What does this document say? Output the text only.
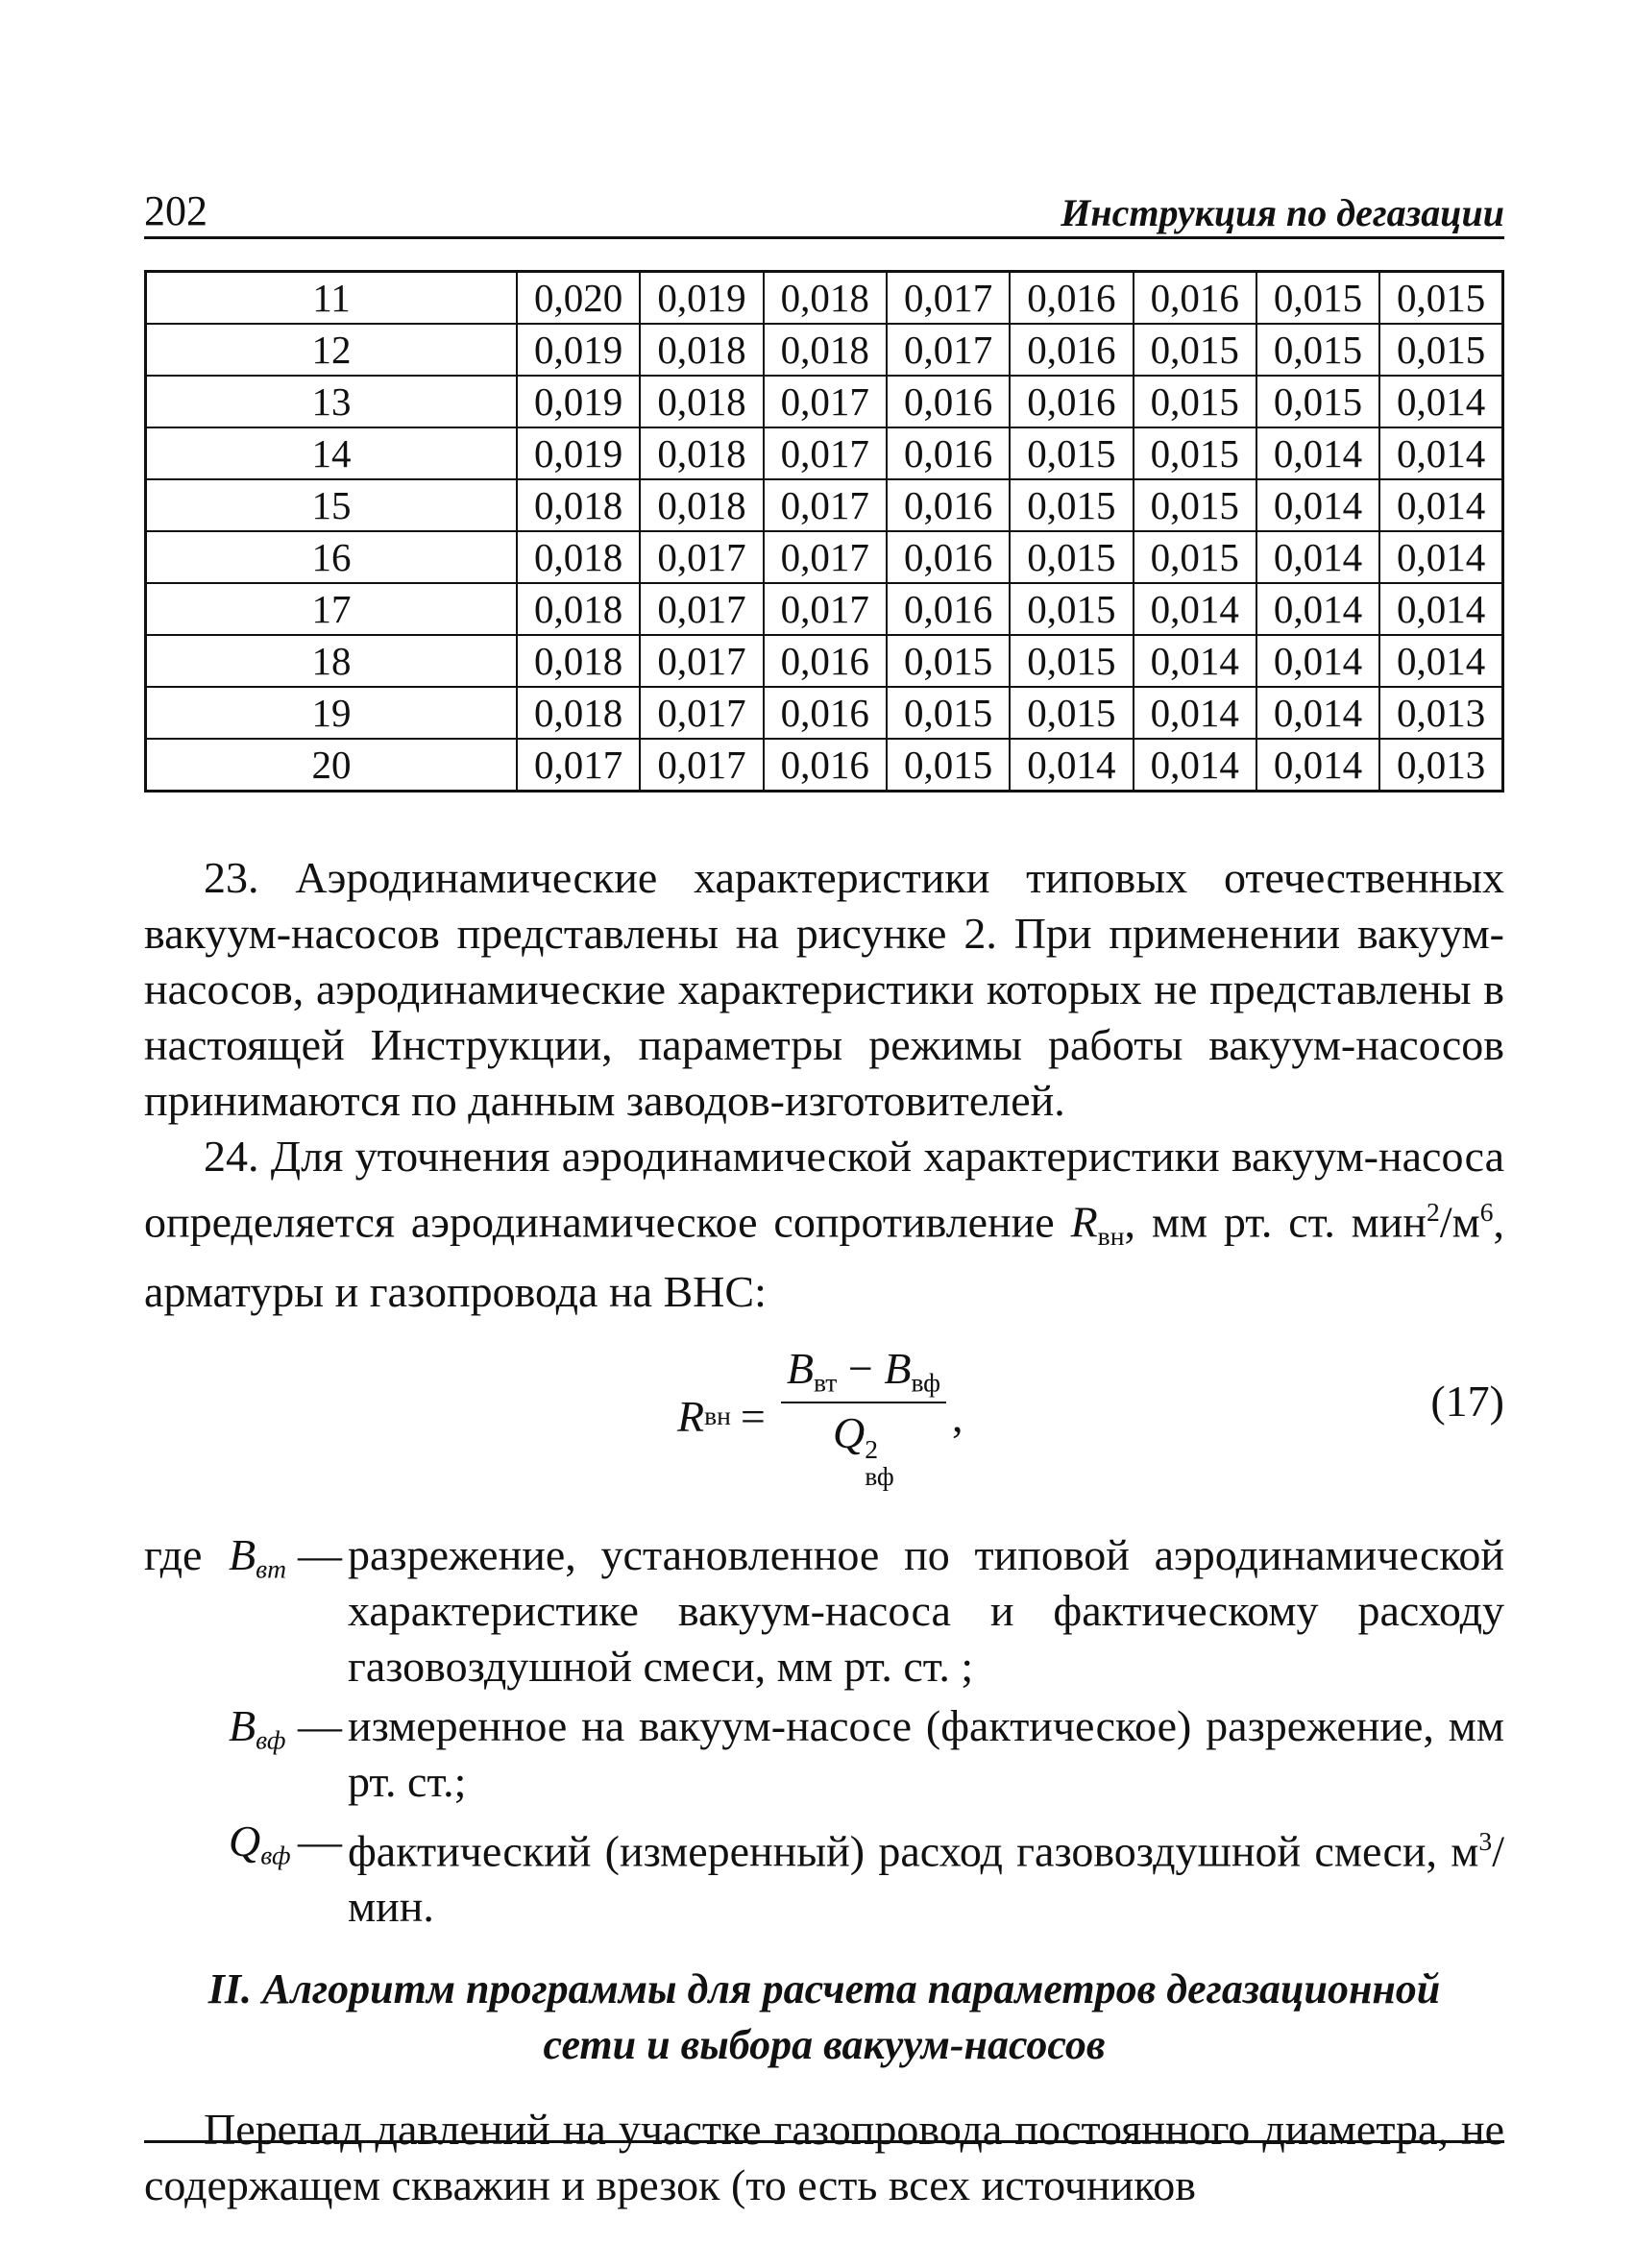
202	Инструкция по дегазации
11	0,020	0,019	0,018	0,017	0,016	0,016	0,015	0,015
12	0,019	0,018	0,018	0,017	0,016	0,015	0,015	0,015
13	0,019	0,018	0,017	0,016	0,016	0,015	0,015	0,014
14	0,019	0,018	0,017	0,016	0,015	0,015	0,014	0,014
15	0,018	0,018	0,017	0,016	0,015	0,015	0,014	0,014
16	0,018	0,017	0,017	0,016	0,015	0,015	0,014	0,014
17	0,018	0,017	0,017	0,016	0,015	0,014	0,014	0,014
18	0,018	0,017	0,016	0,015	0,015	0,014	0,014	0,014
19	0,018	0,017	0,016	0,015	0,015	0,014	0,014	0,013
20	0,017	0,017	0,016	0,015	0,014	0,014	0,014	0,013

23. Аэродинамические характеристики типовых отечественных вакуум-насосов представлены на рисунке 2. При применении вакуум-насосов, аэродинамические характеристики которых не представлены в настоящей Инструкции, параметры режимы работы вакуум-насосов принимаются по данным заводов-изготовителей.

24. Для уточнения аэродинамической характеристики вакуум-насоса определяется аэродинамическое сопротивление $R_{вн}$, мм рт. ст. $мин^2/м^6$, арматуры и газопровода на ВНС:

R вн = $B_{вт} - B_{вф}$
Q 2
вф ,	(17)
где $B_{вт}$ — разрежение, установленное по типовой аэродинамической характеристике вакуум-насоса и фактическому расходу газовоздушной смеси, мм рт. ст. ;
$B_{вф}$ — измеренное на вакуум-насосе (фактическое) разрежение, мм рт. ст.;
$Q_{вф}$ — фактический (измеренный) расход газовоздушной смеси, $м^3$/мин.
II. Алгоритм программы для расчета параметров дегазационной
сети и выбора вакуум-насосов

Перепад давлений на участке газопровода постоянного диаметра, не содержащем скважин и врезок (то есть всех источников
